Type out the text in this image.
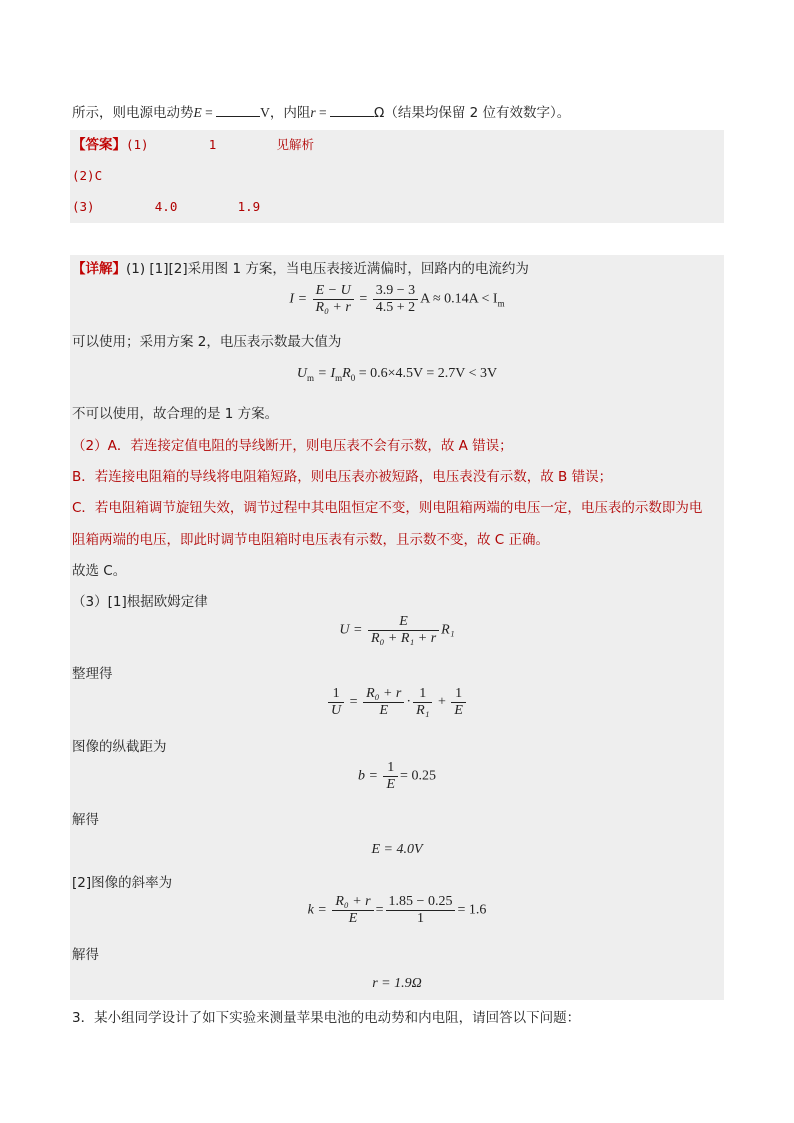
所示，则电源电动势E =	V，内阻r =	Ω（结果均保留 2 位有效数字）。
【答案】(1)        1        见解析
(2)C
(3)        4.0        1.9
【详解】(1) [1][2]采用图 1 方案，当电压表接近满偏时，回路内的电流约为
$I = \frac{E - U}{\text{R₀ + r}} = \frac{3.9 - 3}{4.5 + 2}$ $A \approx 0.14A < I_m$
可以使用；采用方案 2，电压表示数最大值为
$U_m = I_mR_0 = 0.6\times 4.5V = 2.7V < 3V$
不可以使用，故合理的是 1 方案。
（2）A．若连接定值电阻的导线断开，则电压表不会有示数，故 A 错误；
B．若连接电阻箱的导线将电阻箱短路，则电压表亦被短路，电压表没有示数，故 B 错误；
C．若电阻箱调节旋钮失效，调节过程中其电阻恒定不变，则电阻箱两端的电压一定，电压表的示数即为电
阻箱两端的电压，即此时调节电阻箱时电压表有示数，且示数不变，故 C 正确。
故选 C。
（3）[1]根据欧姆定律
$U = \frac{E}{\text{R₀ + R₁ + r}} R_1$
整理得
$\frac{1}{U} = \frac{\text{R₀ + r}}{E} \cdot \frac{1}{\text{R₁}} + \frac{1}{E}$
图像的纵截距为
$b = \frac{1}{E} = 0.25$
解得
E = 4.0V
[2]图像的斜率为
$k = \frac{\text{R₀ + r}}{E} = \frac{1.85 - 0.25}{1} = 1.6$
解得
r = 1.9Ω
3．某小组同学设计了如下实验来测量苹果电池的电动势和内电阻，请回答以下问题：
